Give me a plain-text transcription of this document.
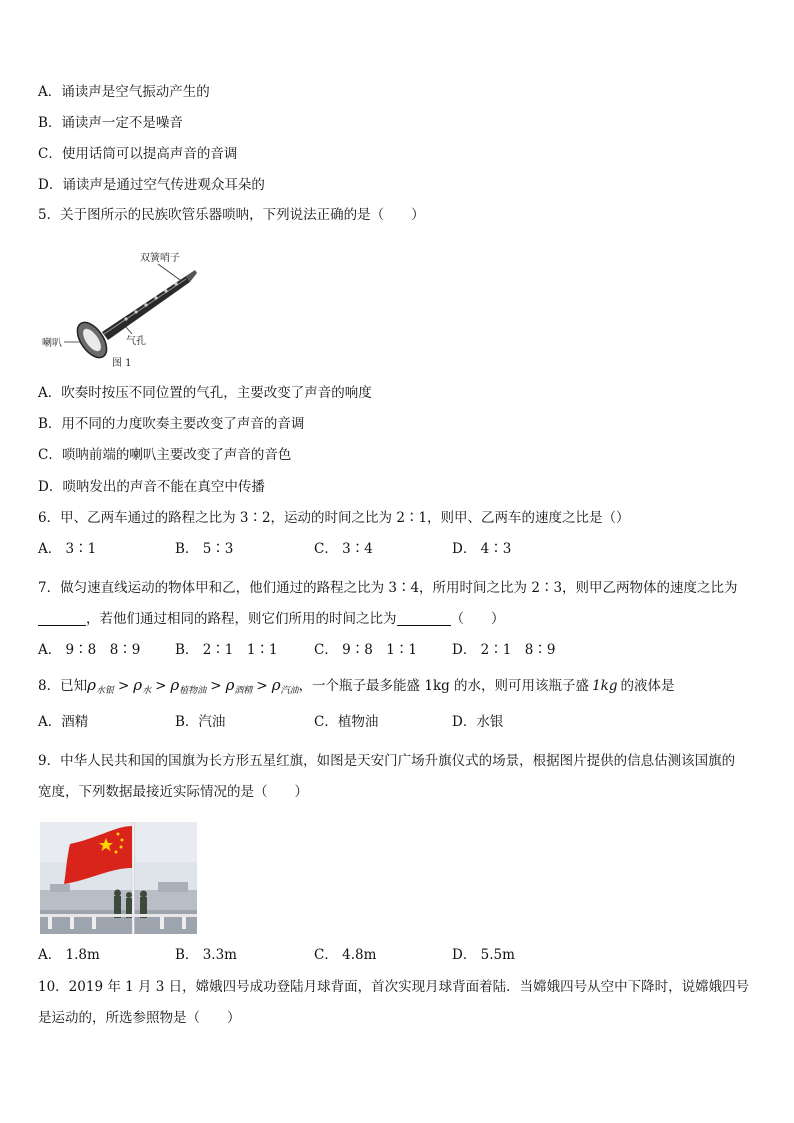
A．诵读声是空气振动产生的
B．诵读声一定不是噪音
C．使用话筒可以提高声音的音调
D．诵读声是通过空气传进观众耳朵的
5．关于图所示的民族吹管乐器唢呐，下列说法正确的是（　　）
双簧哨子
气孔
喇叭
图 1
A．吹奏时按压不同位置的气孔，主要改变了声音的响度
B．用不同的力度吹奏主要改变了声音的音调
C．唢呐前端的喇叭主要改变了声音的音色
D．唢呐发出的声音不能在真空中传播
6．甲、乙两车通过的路程之比为 3∶2，运动的时间之比为 2∶1，则甲、乙两车的速度之比是（）
A． 3∶1	B． 5∶3	C． 3∶4	D． 4∶3
7．做匀速直线运动的物体甲和乙，他们通过的路程之比为 3∶4，所用时间之比为 2∶3，则甲乙两物体的速度之比为
，若他们通过相同的路程，则它们所用的时间之比为	（　　）
A． 9∶8　8∶9	B． 2∶1　1∶1	C． 9∶8　1∶1	D． 2∶1　8∶9
8．已知$\rho_{水银} > \rho_水 > \rho_{植物油} > \rho_{酒精} > \rho_{汽油}$，一个瓶子最多能盛 1kg 的水，则可用该瓶子盛 1kg 的液体是
A．酒精	B．汽油	C．植物油	D．水银
9．中华人民共和国的国旗为长方形五星红旗，如图是天安门广场升旗仪式的场景，根据图片提供的信息估测该国旗的
宽度，下列数据最接近实际情况的是（　　）
A． 1.8m	B． 3.3m	C． 4.8m	D． 5.5m
10．2019 年 1 月 3 日，嫦娥四号成功登陆月球背面，首次实现月球背面着陆．当嫦娥四号从空中下降时，说嫦娥四号
是运动的，所选参照物是（　　）
